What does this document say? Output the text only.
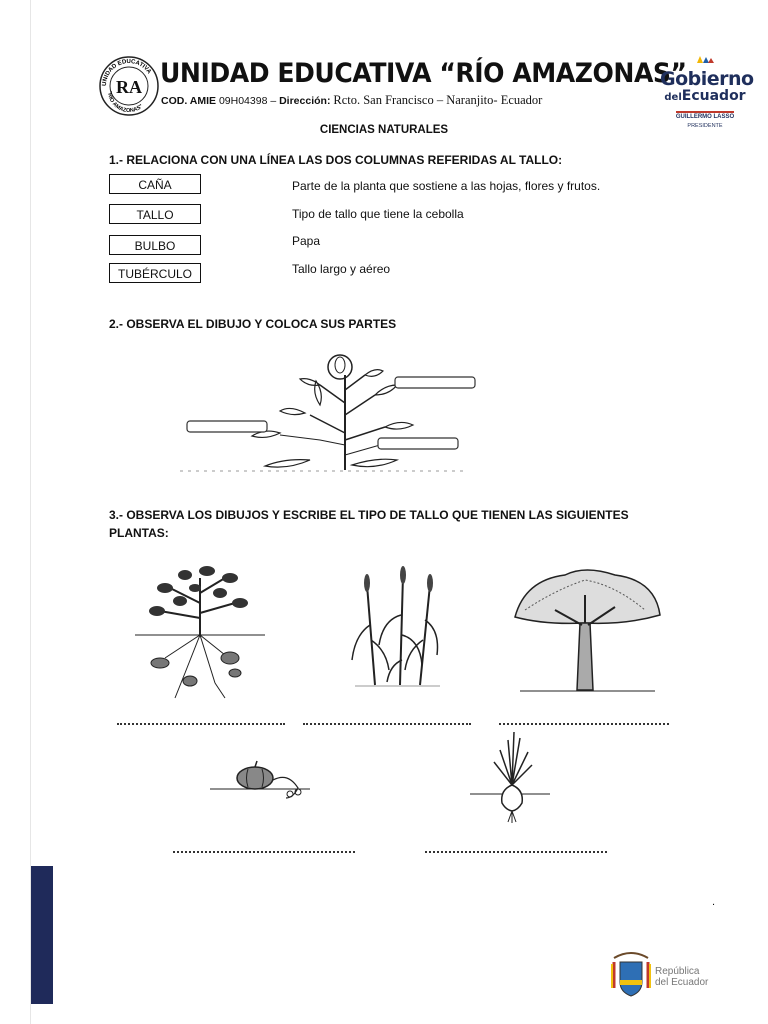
UNIDAD EDUCATIVA
"RÍO AMAZONAS"
RA UNIDAD EDUCATIVA “RÍO AMAZONAS”
COD. AMIE 09H04398 – Dirección: Rcto. San Francisco – Naranjito- Ecuador
Gobierno
delEcuador
GUILLERMO LASSO
PRESIDENTE
CIENCIAS NATURALES
1.- RELACIONA CON UNA LÍNEA LAS DOS COLUMNAS REFERIDAS AL TALLO:
CAÑA
TALLO
BULBO
TUBÉRCULO
Parte de la planta que sostiene a las hojas, flores y frutos.
Tipo de tallo que tiene la cebolla
Papa
Tallo largo y aéreo
2.- OBSERVA EL DIBUJO Y COLOCA SUS PARTES
3.- OBSERVA LOS DIBUJOS Y ESCRIBE EL TIPO DE TALLO QUE TIENEN LAS SIGUIENTES
PLANTAS:
.
República
del Ecuador
